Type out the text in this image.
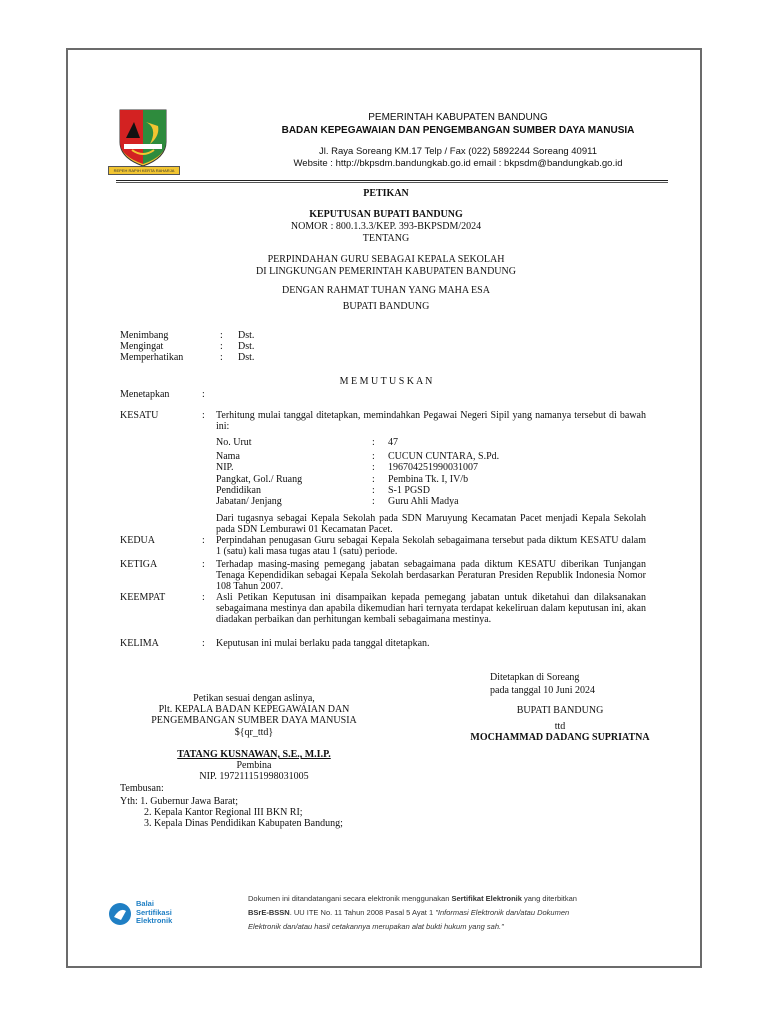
REPEH RAPIH KERTA RAHARJA
PEMERINTAH KABUPATEN BANDUNG
BADAN KEPEGAWAIAN DAN PENGEMBANGAN SUMBER DAYA MANUSIA
Jl. Raya Soreang KM.17 Telp / Fax (022) 5892244 Soreang 40911
Website : http://bkpsdm.bandungkab.go.id email : bkpsdm@bandungkab.go.id
PETIKAN
KEPUTUSAN BUPATI BANDUNG
NOMOR : 800.1.3.3/KEP. 393-BKPSDM/2024
TENTANG
PERPINDAHAN GURU SEBAGAI KEPALA SEKOLAH
DI LINGKUNGAN PEMERINTAH KABUPATEN BANDUNG
DENGAN RAHMAT TUHAN YANG MAHA ESA
BUPATI BANDUNG
Menimbang	: Dst.
Mengingat	: Dst.
Memperhatikan	: Dst.
M E M U T U S K A N
Menetapkan	:
KESATU	: Terhitung mulai tanggal ditetapkan, memindahkan Pegawai Negeri Sipil yang namanya tersebut di bawah ini:
No. Urut	: 47
Nama	: CUCUN CUNTARA, S.Pd.
NIP.	: 196704251990031007
Pangkat, Gol./ Ruang	: Pembina Tk. I, IV/b
Pendidikan	: S-1 PGSD
Jabatan/ Jenjang	: Guru Ahli Madya
Dari tugasnya sebagai Kepala Sekolah pada SDN Maruyung Kecamatan Pacet menjadi Kepala Sekolah pada SDN Lemburawi 01 Kecamatan Pacet.
KEDUA	: Perpindahan penugasan Guru sebagai Kepala Sekolah sebagaimana tersebut pada diktum KESATU dalam 1 (satu) kali masa tugas atau 1 (satu) periode.
KETIGA	: Terhadap masing-masing pemegang jabatan sebagaimana pada diktum KESATU diberikan Tunjangan Tenaga Kependidikan sebagai Kepala Sekolah berdasarkan Peraturan Presiden Republik Indonesia Nomor 108 Tahun 2007.
KEEMPAT	: Asli Petikan Keputusan ini disampaikan kepada pemegang jabatan untuk diketahui dan dilaksanakan sebagaimana mestinya dan apabila dikemudian hari ternyata terdapat kekeliruan dalam keputusan ini, akan diadakan perbaikan dan perhitungan kembali sebagaimana mestinya.
KELIMA	: Keputusan ini mulai berlaku pada tanggal ditetapkan.
Ditetapkan di Soreang
pada tanggal 10 Juni 2024
BUPATI BANDUNG
ttd
MOCHAMMAD DADANG SUPRIATNA
Petikan sesuai dengan aslinya,
Plt. KEPALA BADAN KEPEGAWAIAN DAN
PENGEMBANGAN SUMBER DAYA MANUSIA
${qr_ttd}
TATANG KUSNAWAN, S.E., M.I.P.
Pembina
NIP. 197211151998031005
Tembusan:
Yth: 1. Gubernur Jawa Barat;
2. Kepala Kantor Regional III BKN RI;
3. Kepala Dinas Pendidikan Kabupaten Bandung;
Balai
Sertifikasi
Elektronik
Dokumen ini ditandatangani secara elektronik menggunakan Sertifikat Elektronik yang diterbitkan
BSrE-BSSN. UU ITE No. 11 Tahun 2008 Pasal 5 Ayat 1 "Informasi Elektronik dan/atau Dokumen
Elektronik dan/atau hasil cetakannya merupakan alat bukti hukum yang sah."
